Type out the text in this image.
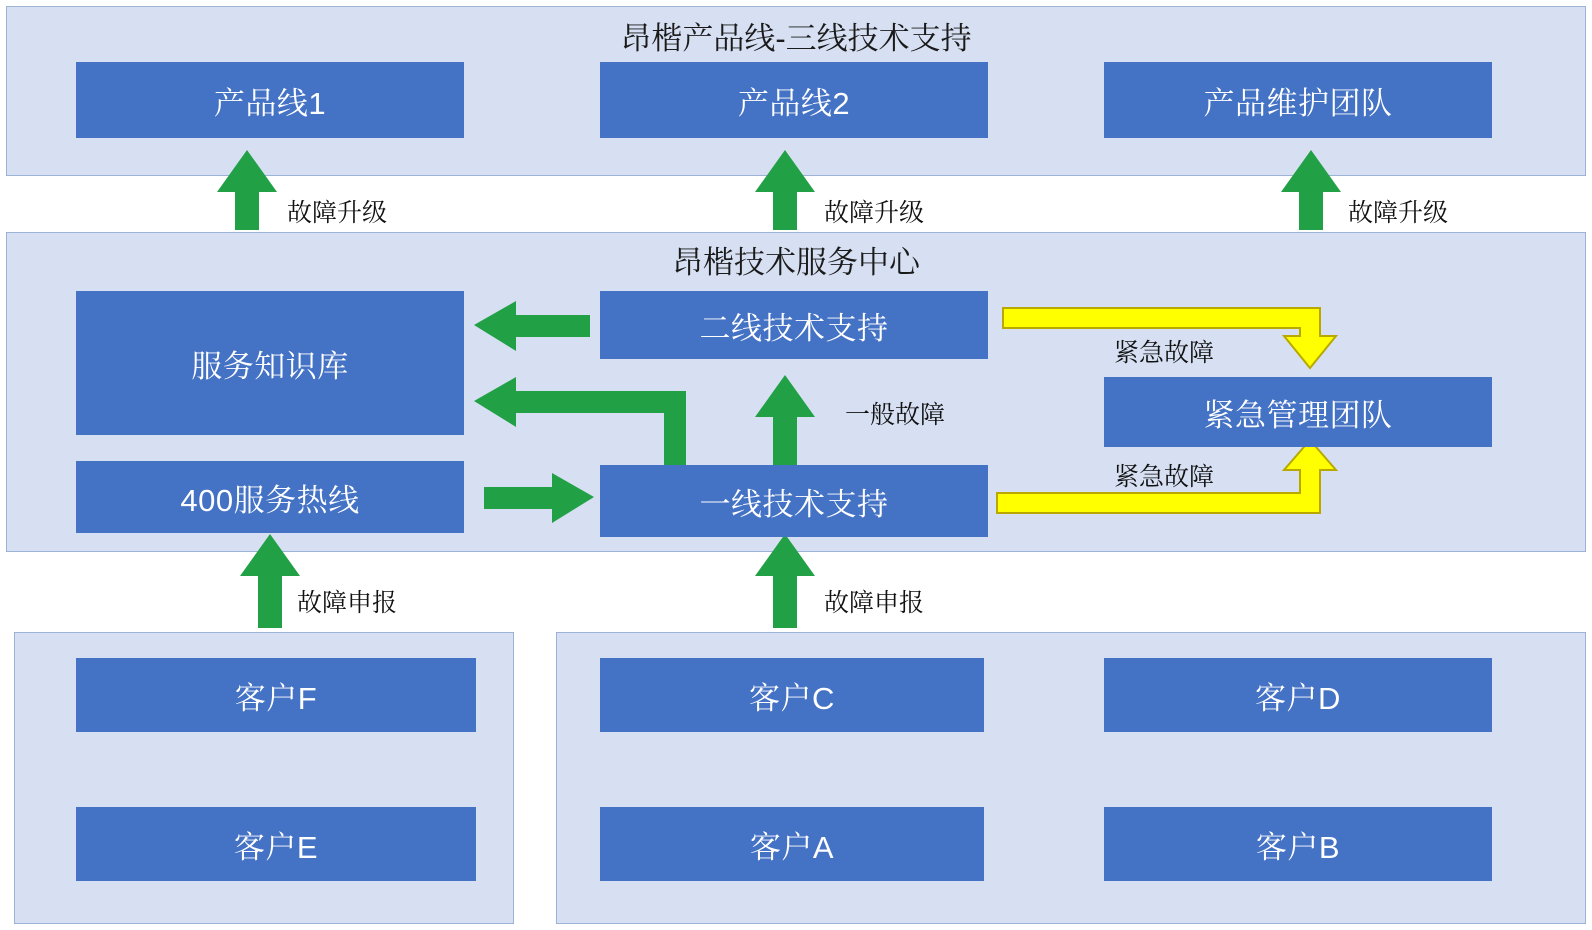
昂楷产品线-三线技术支持
昂楷技术服务中心
产品线1	产品线2	产品维护团队
服务知识库
二线技术支持
紧急管理团队
400服务热线	一线技术支持
客户F
客户E
客户C	客户D
客户A	客户B
故障升级	故障升级	故障升级
紧急故障
一般故障
紧急故障
故障申报	故障申报
